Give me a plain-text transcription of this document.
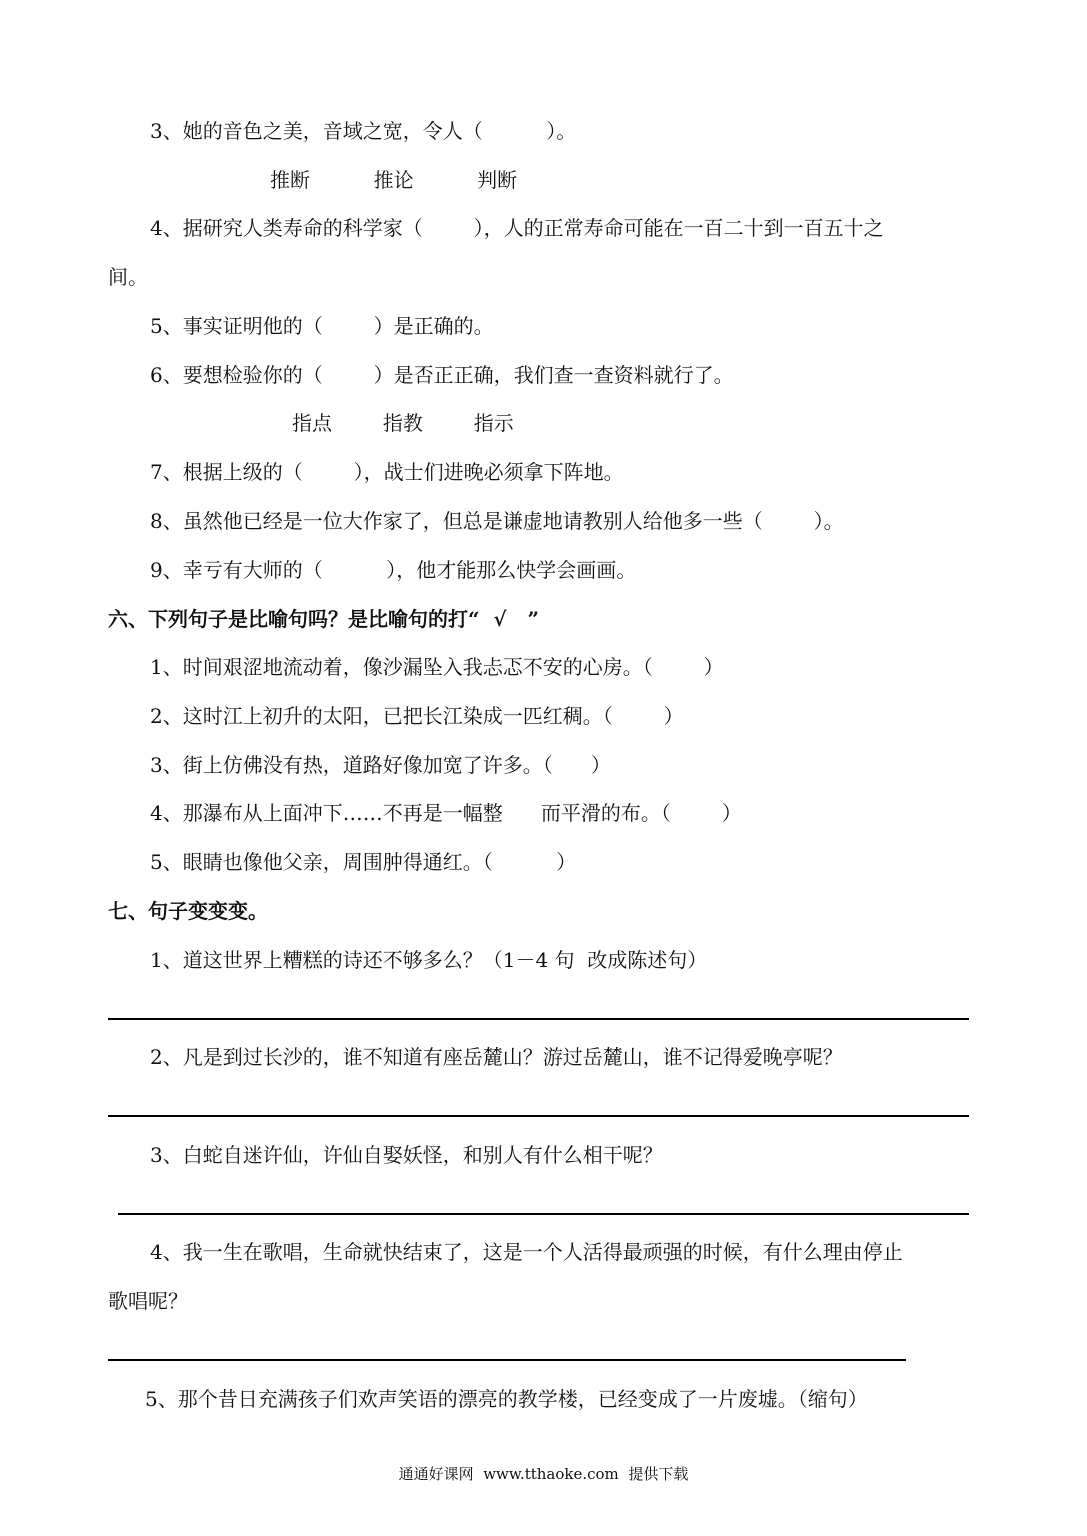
3、她的音色之美，音域之宽，令人（          ）。
推断          推论          判断
4、据研究人类寿命的科学家（        ），人的正常寿命可能在一百二十到一百五十之
间。
5、事实证明他的（        ）是正确的。
6、要想检验你的（        ）是否正正确，我们查一查资料就行了。
指点        指教        指示
7、根据上级的（        ），战士们进晚必须拿下阵地。
8、虽然他已经是一位大作家了，但总是谦虚地请教别人给他多一些（        ）。
9、幸亏有大师的（          ），他才能那么快学会画画。
六、下列句子是比喻句吗？是比喻句的打“  √   ”
1、时间艰涩地流动着，像沙漏坠入我忐忑不安的心房。（        ）
2、这时江上初升的太阳，已把长江染成一匹红稠。（        ）
3、街上仿佛没有热，道路好像加宽了许多。（      ）
4、那瀑布从上面冲下……不再是一幅整      而平滑的布。（        ）
5、眼睛也像他父亲，周围肿得通红。（          ）
七、句子变变变。
1、道这世界上糟糕的诗还不够多么？（1－4 句  改成陈述句）
2、凡是到过长沙的，谁不知道有座岳麓山？游过岳麓山，谁不记得爱晚亭呢？
3、白蛇自迷许仙，许仙自娶妖怪，和别人有什么相干呢？
4、我一生在歌唱，生命就快结束了，这是一个人活得最顽强的时候，有什么理由停止
歌唱呢？
5、那个昔日充满孩子们欢声笑语的漂亮的教学楼，已经变成了一片废墟。（缩句）
通通好课网  www.tthaoke.com  提供下载
